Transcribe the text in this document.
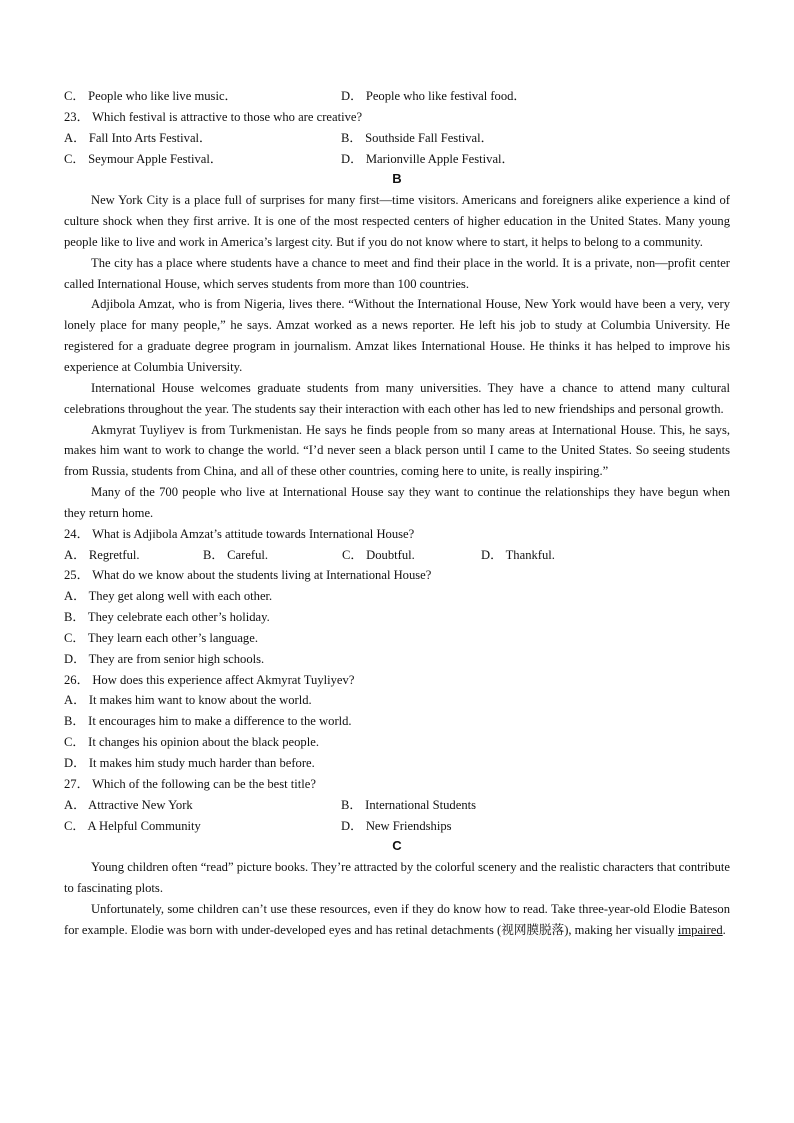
C． People who like live music．	D． People who like festival food．
23． Which festival is attractive to those who are creative?
A． Fall Into Arts Festival．	B． Southside Fall Festival．
C． Seymour Apple Festival．	D． Marionville Apple Festival．
B
New York City is a place full of surprises for many first—time visitors. Americans and foreigners alike experience a kind of culture shock when they first arrive. It is one of the most respected centers of higher education in the United States. Many young people like to live and work in America’s largest city. But if you do not know where to start, it helps to belong to a community.
The city has a place where students have a chance to meet and find their place in the world. It is a private, non—profit center called International House, which serves students from more than 100 countries.
Adjibola Amzat, who is from Nigeria, lives there. “Without the International House, New York would have been a very, very lonely place for many people,” he says. Amzat worked as a news reporter. He left his job to study at Columbia University. He registered for a graduate degree program in journalism. Amzat likes International House. He thinks it has helped to improve his experience at Columbia University.
International House welcomes graduate students from many universities. They have a chance to attend many cultural celebrations throughout the year. The students say their interaction with each other has led to new friendships and personal growth.
Akmyrat Tuyliyev is from Turkmenistan. He says he finds people from so many areas at International House. This, he says, makes him want to work to change the world. “I’d never seen a black person until I came to the United States. So seeing students from Russia, students from China, and all of these other countries, coming here to unite, is really inspiring.”
Many of the 700 people who live at International House say they want to continue the relationships they have begun when they return home.
24． What is Adjibola Amzat’s attitude towards International House?
A． Regretful.	B． Careful.	C． Doubtful.	D． Thankful.
25． What do we know about the students living at International House?
A． They get along well with each other.
B． They celebrate each other’s holiday.
C． They learn each other’s language.
D． They are from senior high schools.
26． How does this experience affect Akmyrat Tuyliyev?
A． It makes him want to know about the world.
B． It encourages him to make a difference to the world.
C． It changes his opinion about the black people.
D． It makes him study much harder than before.
27． Which of the following can be the best title?
A． Attractive New York	B． International Students
C． A Helpful Community	D． New Friendships
C
Young children often “read” picture books. They’re attracted by the colorful scenery and the realistic characters that contribute to fascinating plots.
Unfortunately, some children can’t use these resources, even if they do know how to read. Take three-year-old Elodie Bateson for example. Elodie was born with under-developed eyes and has retinal detachments (视网膜脱落), making her visually impaired.
